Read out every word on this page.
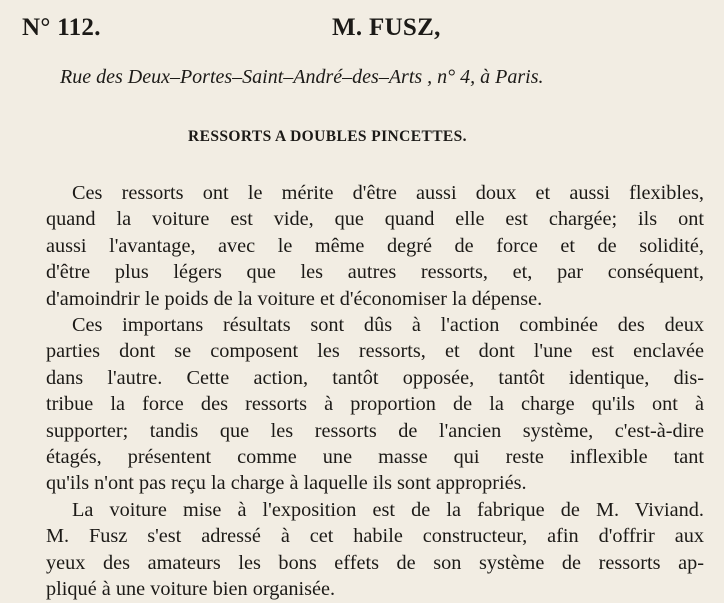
N° 112.	M. FUSZ,
Rue des Deux–Portes–Saint–André–des–Arts , n° 4, à Paris.
RESSORTS A DOUBLES PINCETTES.

Ces ressorts ont le mérite d'être aussi doux et aussi flexibles,
quand la voiture est vide, que quand elle est chargée; ils ont
aussi l'avantage, avec le même degré de force et de solidité,
d'être plus légers que les autres ressorts, et, par conséquent,
d'amoindrir le poids de la voiture et d'économiser la dépense.

Ces importans résultats sont dûs à l'action combinée des deux
parties dont se composent les ressorts, et dont l'une est enclavée
dans l'autre. Cette action, tantôt opposée, tantôt identique, dis-
tribue la force des ressorts à proportion de la charge qu'ils ont à
supporter; tandis que les ressorts de l'ancien système, c'est-à-dire
étagés, présentent comme une masse qui reste inflexible tant
qu'ils n'ont pas reçu la charge à laquelle ils sont appropriés.

La voiture mise à l'exposition est de la fabrique de M. Viviand.
M. Fusz s'est adressé à cet habile constructeur, afin d'offrir aux
yeux des amateurs les bons effets de son système de ressorts ap-
pliqué à une voiture bien organisée.
